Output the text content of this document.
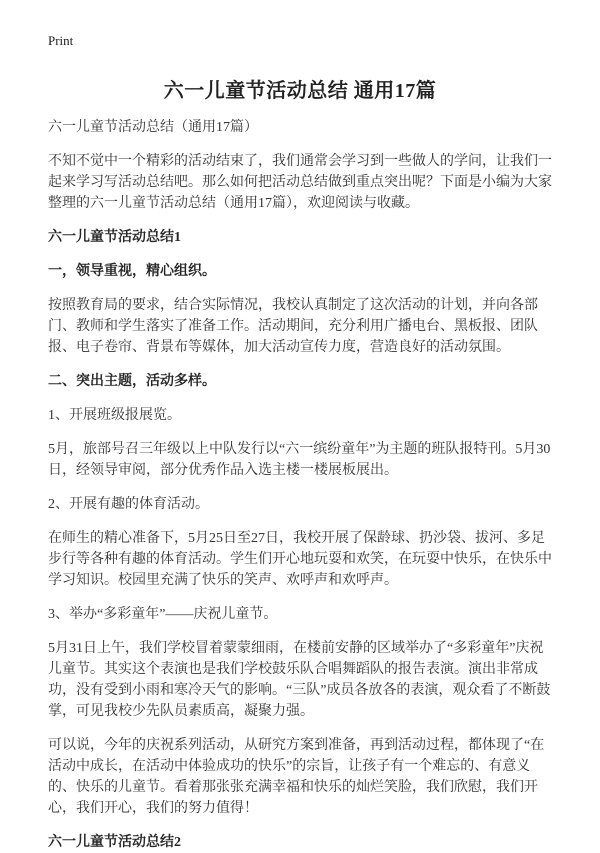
Print
六一儿童节活动总结 通用17篇

六一儿童节活动总结（通用17篇）

不知不觉中一个精彩的活动结束了，我们通常会学习到一些做人的学问，让我们一起来学习写活动总结吧。那么如何把活动总结做到重点突出呢？下面是小编为大家整理的六一儿童节活动总结（通用17篇），欢迎阅读与收藏。

六一儿童节活动总结1

一，领导重视，精心组织。

按照教育局的要求，结合实际情况，我校认真制定了这次活动的计划，并向各部门、教师和学生落实了准备工作。活动期间，充分利用广播电台、黑板报、团队报、电子卷帘、背景布等媒体，加大活动宣传力度，营造良好的活动氛围。

二、突出主题，活动多样。

1、开展班级报展览。

5月，旅部号召三年级以上中队发行以“六一缤纷童年”为主题的班队报特刊。5月30日，经领导审阅，部分优秀作品入选主楼一楼展板展出。

2、开展有趣的体育活动。

在师生的精心准备下，5月25日至27日，我校开展了保龄球、扔沙袋、拔河、多足步行等各种有趣的体育活动。学生们开心地玩耍和欢笑，在玩耍中快乐，在快乐中学习知识。校园里充满了快乐的笑声、欢呼声和欢呼声。

3、举办“多彩童年”——庆祝儿童节。

5月31日上午，我们学校冒着蒙蒙细雨，在楼前安静的区域举办了“多彩童年”庆祝儿童节。其实这个表演也是我们学校鼓乐队合唱舞蹈队的报告表演。演出非常成功，没有受到小雨和寒冷天气的影响。“三队”成员各放各的表演，观众看了不断鼓掌，可见我校少先队员素质高，凝聚力强。

可以说，今年的庆祝系列活动，从研究方案到准备，再到活动过程，都体现了“在活动中成长，在活动中体验成功的快乐”的宗旨，让孩子有一个难忘的、有意义的、快乐的儿童节。看着那张张充满幸福和快乐的灿烂笑脸，我们欣慰，我们开心，我们开心，我们的努力值得！

六一儿童节活动总结2
